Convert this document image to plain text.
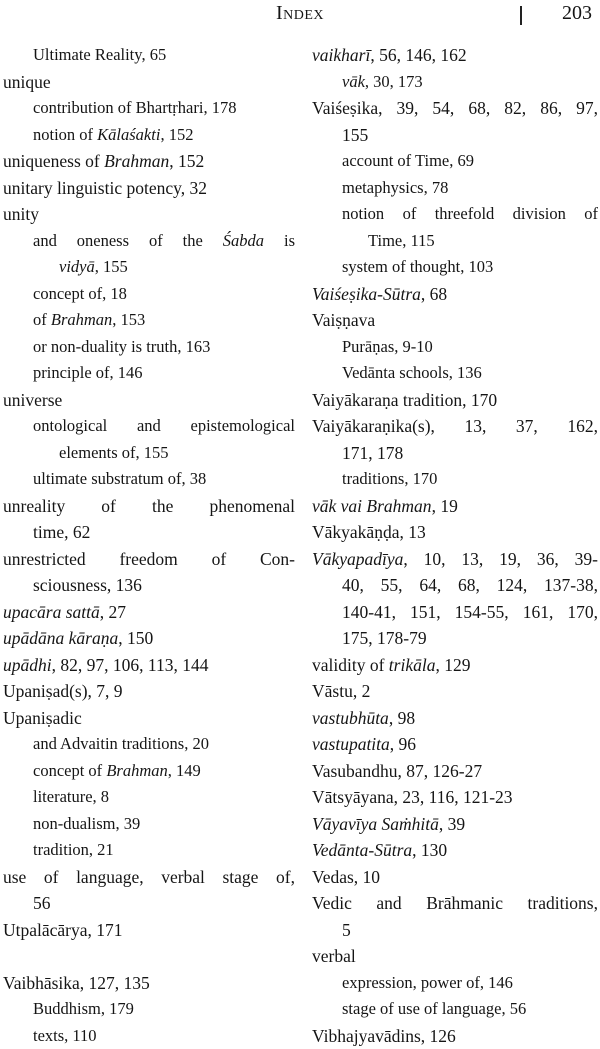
Index	203
Ultimate Reality, 65
unique
contribution of Bhartṛhari, 178
notion of Kālaśakti, 152
uniqueness of Brahman, 152
unitary linguistic potency, 32
unity
and oneness of the Śabda is
vidyā, 155
concept of, 18
of Brahman, 153
or non-duality is truth, 163
principle of, 146
universe
ontological and epistemological
elements of, 155
ultimate substratum of, 38
unreality of the phenomenal
time, 62
unrestricted freedom of Con-
sciousness, 136
upacāra sattā, 27
upādāna kāraṇa, 150
upādhi, 82, 97, 106, 113, 144
Upaniṣad(s), 7, 9
Upaniṣadic
and Advaitin traditions, 20
concept of Brahman, 149
literature, 8
non-dualism, 39
tradition, 21
use of language, verbal stage of,
56
Utpalācārya, 171
Vaibhāsika, 127, 135
Buddhism, 179
texts, 110
vaikharī, 56, 146, 162
vāk, 30, 173
Vaiśeṣika, 39, 54, 68, 82, 86, 97,
155
account of Time, 69
metaphysics, 78
notion of threefold division of
Time, 115
system of thought, 103
Vaiśeṣika-Sūtra, 68
Vaiṣṇava
Purāṇas, 9-10
Vedānta schools, 136
Vaiyākaraṇa tradition, 170
Vaiyākaraṇika(s), 13, 37, 162,
171, 178
traditions, 170
vāk vai Brahman, 19
Vākyakāṇḍa, 13
Vākyapadīya, 10, 13, 19, 36, 39-
40, 55, 64, 68, 124, 137-38,
140-41, 151, 154-55, 161, 170,
175, 178-79
validity of trikāla, 129
Vāstu, 2
vastubhūta, 98
vastupatita, 96
Vasubandhu, 87, 126-27
Vātsyāyana, 23, 116, 121-23
Vāyavīya Saṁhitā, 39
Vedānta-Sūtra, 130
Vedas, 10
Vedic and Brāhmanic traditions,
5
verbal
expression, power of, 146
stage of use of language, 56
Vibhajyavādins, 126
